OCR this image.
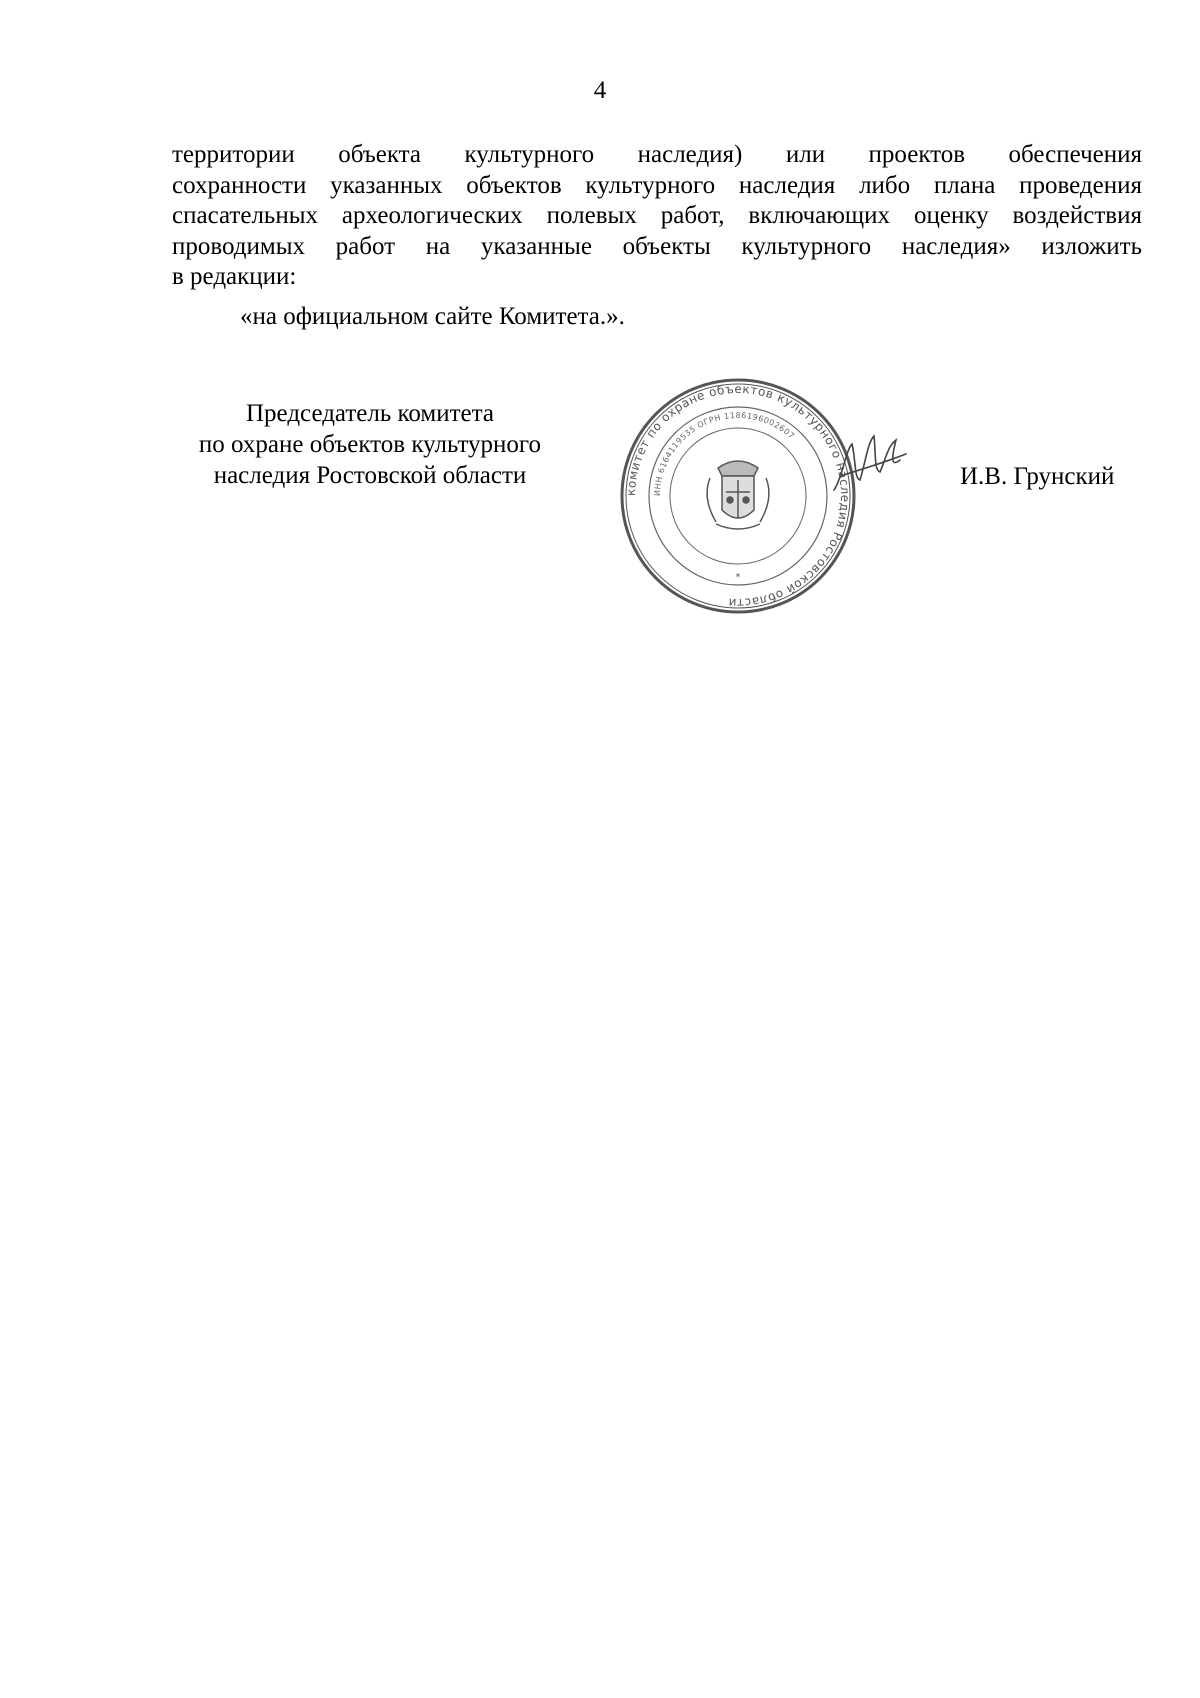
4
территории объекта культурного наследия) или проектов обеспечения
сохранности указанных объектов культурного наследия либо плана проведения
спасательных археологических полевых работ, включающих оценку воздействия
проводимых работ на указанные объекты культурного наследия» изложить
в редакции:
«на официальном сайте Комитета.».
Председатель комитета
по охране объектов культурного
наследия Ростовской области
комитет по охране объектов культурного наследия Ростовской области
ИНН 6164119535 ОГРН 1186196002607
*
И.В. Грунский
